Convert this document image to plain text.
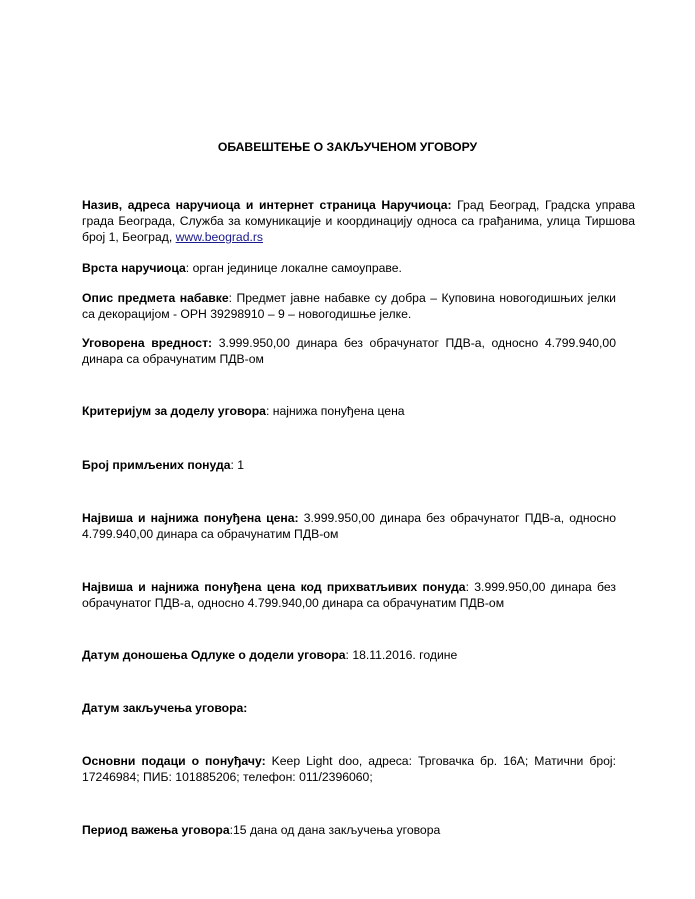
ОБАВЕШТЕЊЕ О ЗАКЉУЧЕНОМ УГОВОРУ

Назив, адреса наручиоца и интернет страница Наручиоца: Град Београд, Градска управа града Београда, Служба за комуникације и координацију односа са грађанима, улица Тиршова број 1, Београд, www.beograd.rs

Врста наручиоца: орган јединице локалне самоуправе.

Опис предмета набавке: Предмет јавне набавке су добра – Куповина новогодишњих јелки са декорацијом - ОРН 39298910 – 9 – новогодишње јелке.

Уговорена вредност: 3.999.950,00 динара без обрачунатог ПДВ-а, односно 4.799.940,00 динара са обрачунатим ПДВ-ом

Критеријум за доделу уговора: најнижа понуђена цена

Број примљених понуда: 1

Највиша и најнижа понуђена цена: 3.999.950,00 динара без обрачунатог ПДВ-а, односно 4.799.940,00 динара са обрачунатим ПДВ-ом

Највиша и најнижа понуђена цена код прихватљивих понуда: 3.999.950,00 динара без обрачунатог ПДВ-а, односно 4.799.940,00 динара са обрачунатим ПДВ-ом

Датум доношења Одлуке о додели уговора: 18.11.2016. године

Датум закључења уговора:

Основни подаци о понуђачу: Keep Light doo, адреса: Трговачка бр. 16А; Матични број: 17246984; ПИБ: 101885206; телефон: 011/2396060;

Период важења уговора:15 дана од дана закључења уговора
